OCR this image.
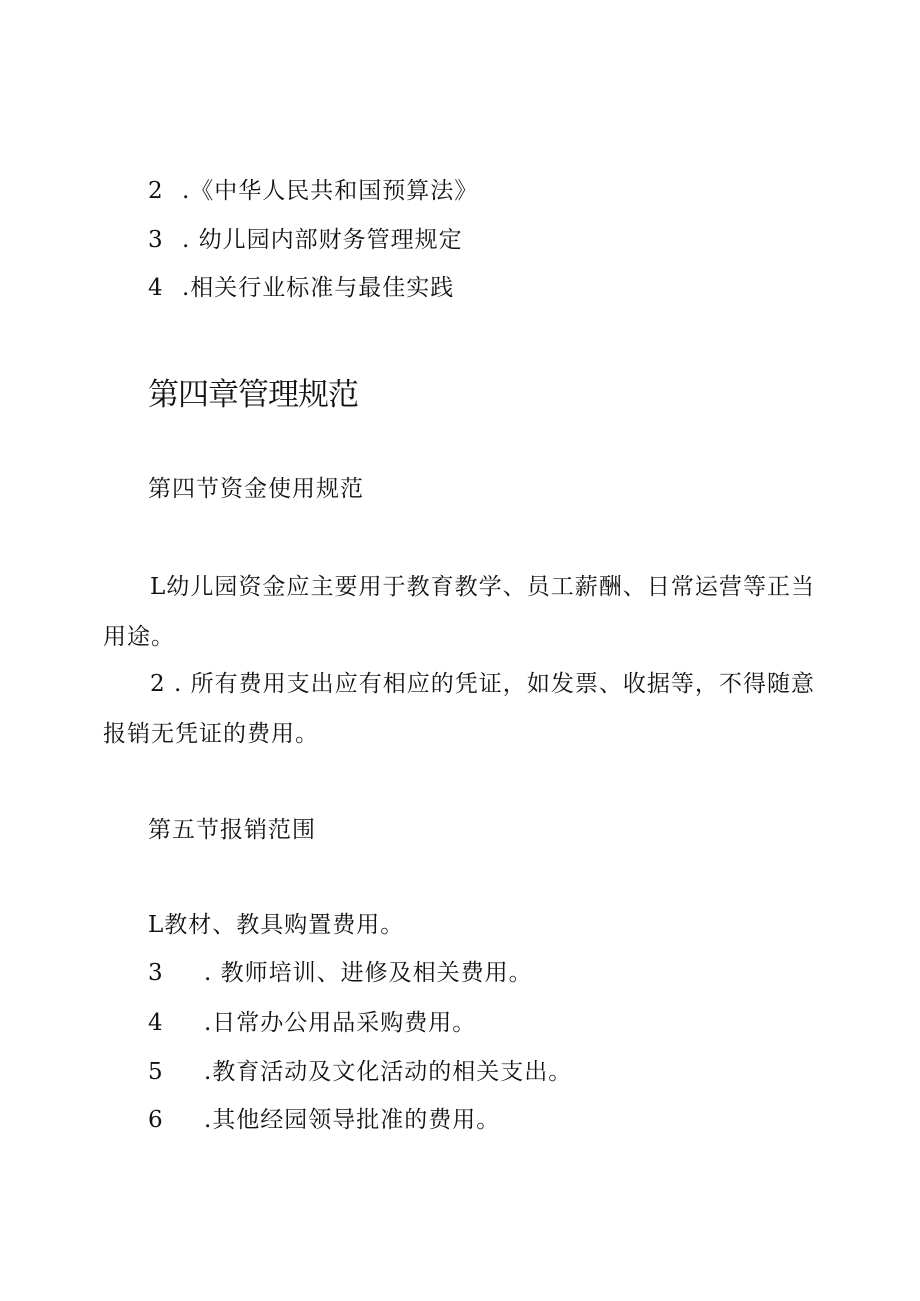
2 .《中华人民共和国预算法》
3 . 幼儿园内部财务管理规定
4 .相关行业标准与最佳实践
第四章管理规范
第四节资金使用规范
L幼儿园资金应主要用于教育教学、员工薪酬、日常运营等正当用途。
2 . 所有费用支出应有相应的凭证，如发票、收据等，不得随意报销无凭证的费用。
第五节报销范围
L教材、教具购置费用。
3 . 教师培训、进修及相关费用。
4 .日常办公用品采购费用。
5 .教育活动及文化活动的相关支出。
6 .其他经园领导批准的费用。
